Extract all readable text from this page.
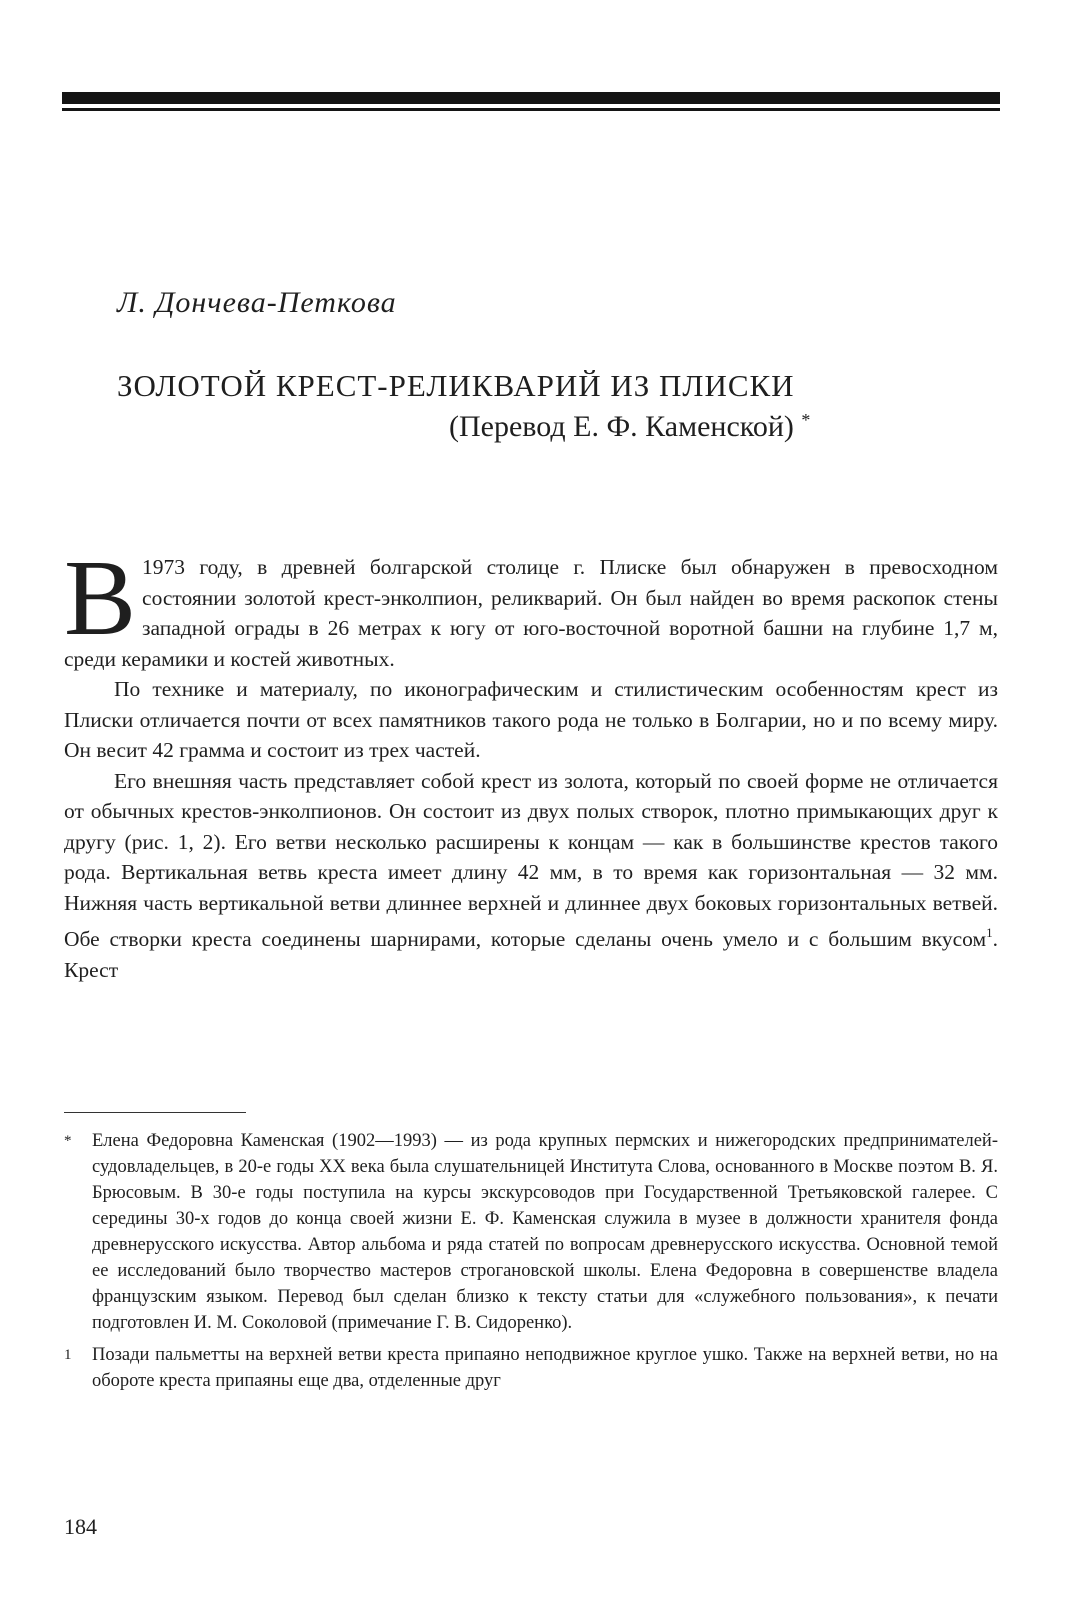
Л. Дончева-Петкова
ЗОЛОТОЙ КРЕСТ-РЕЛИКВАРИЙ ИЗ ПЛИСКИ
(Перевод Е. Ф. Каменской) *

В 1973 году, в древней болгарской столице г. Плиске был обнаружен в превосходном состоянии золотой крест-энколпион, реликварий. Он был найден во время раскопок стены западной ограды в 26 метрах к югу от юго-восточной воротной башни на глубине 1,7 м, среди керамики и костей животных.

По технике и материалу, по иконографическим и стилистическим особенностям крест из Плиски отличается почти от всех памятников такого рода не только в Болгарии, но и по всему миру. Он весит 42 грамма и состоит из трех частей.

Его внешняя часть представляет собой крест из золота, который по своей форме не отличается от обычных крестов-энколпионов. Он состоит из двух полых створок, плотно примыкающих друг к другу (рис. 1, 2). Его ветви несколько расширены к концам — как в большинстве крестов такого рода. Вертикальная ветвь креста имеет длину 42 мм, в то время как горизонтальная — 32 мм. Нижняя часть вертикальной ветви длиннее верхней и длиннее двух боковых горизонтальных ветвей. Обе створки креста соединены шарнирами, которые сделаны очень умело и с большим вкусом$^1$. Крест

* Елена Федоровна Каменская (1902—1993) — из рода крупных пермских и нижегородских предпринимателей-судовладельцев, в 20-е годы XX века была слушательницей Института Слова, основанного в Москве поэтом В. Я. Брюсовым. В 30-е годы поступила на курсы экскурсоводов при Государственной Третьяковской галерее. С середины 30-х годов до конца своей жизни Е. Ф. Каменская служила в музее в должности хранителя фонда древнерусского искусства. Автор альбома и ряда статей по вопросам древнерусского искусства. Основной темой ее исследований было творчество мастеров строгановской школы. Елена Федоровна в совершенстве владела французским языком. Перевод был сделан близко к тексту статьи для «служебного пользования», к печати подготовлен И. М. Соколовой (примечание Г. В. Сидоренко).
1 Позади пальметты на верхней ветви креста припаяно неподвижное круглое ушко. Также на верхней ветви, но на обороте креста припаяны еще два, отделенные друг
184
